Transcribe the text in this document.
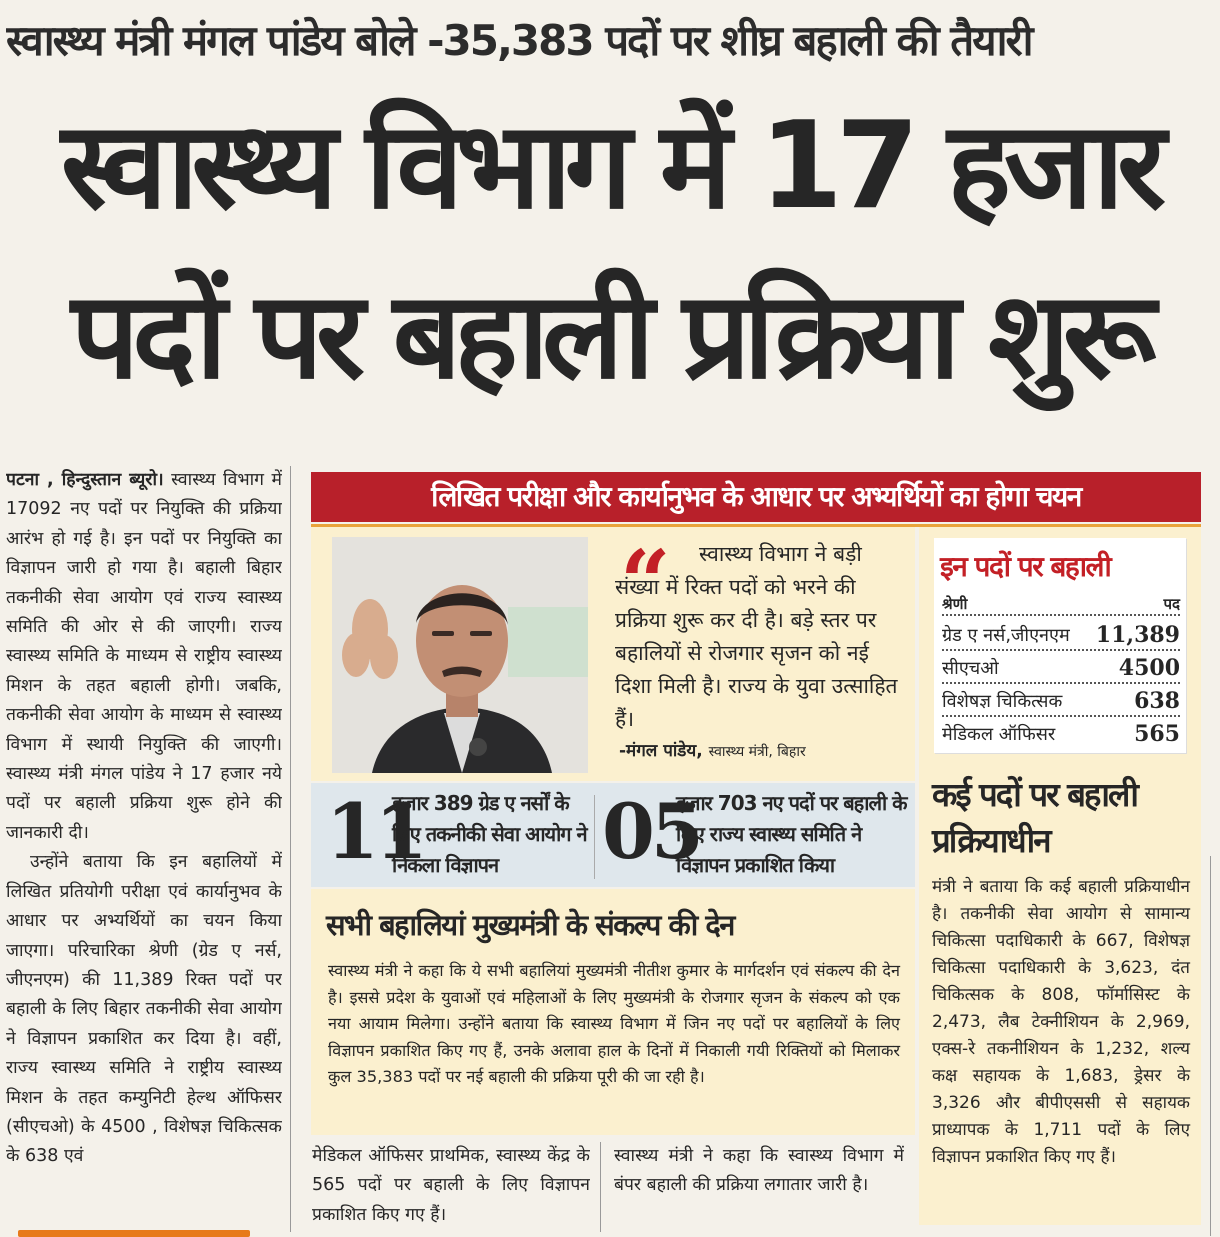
स्वास्थ्य मंत्री मंगल पांडेय बोले -35,383 पदों पर शीघ्र बहाली की तैयारी
स्वास्थ्य विभाग में 17 हजार
पदों पर बहाली प्रक्रिया शुरू

पटना , हिन्दुस्तान ब्यूरो। स्वास्थ्य विभाग में 17092 नए पदों पर नियुक्ति की प्रक्रिया आरंभ हो गई है। इन पदों पर नियुक्ति का विज्ञापन जारी हो गया है। बहाली बिहार तकनीकी सेवा आयोग एवं राज्य स्वास्थ्य समिति की ओर से की जाएगी। राज्य स्वास्थ्य समिति के माध्यम से राष्ट्रीय स्वास्थ्य मिशन के तहत बहाली होगी। जबकि, तकनीकी सेवा आयोग के माध्यम से स्वास्थ्य विभाग में स्थायी नियुक्ति की जाएगी। स्वास्थ्य मंत्री मंगल पांडेय ने 17 हजार नये पदों पर बहाली प्रक्रिया शुरू होने की जानकारी दी।

उन्होंने बताया कि इन बहालियों में लिखित प्रतियोगी परीक्षा एवं कार्यानुभव के आधार पर अभ्यर्थियों का चयन किया जाएगा। परिचारिका श्रेणी (ग्रेड ए नर्स, जीएनएम) की 11,389 रिक्त पदों पर बहाली के लिए बिहार तकनीकी सेवा आयोग ने विज्ञापन प्रकाशित कर दिया है। वहीं, राज्य स्वास्थ्य समिति ने राष्ट्रीय स्वास्थ्य मिशन के तहत कम्युनिटी हेल्थ ऑफिसर (सीएचओ) के 4500 , विशेषज्ञ चिकित्सक के 638 एवं

लिखित परीक्षा और कार्यानुभव के आधार पर अभ्यर्थियों का होगा चयन
“	स्वास्थ्य विभाग ने बड़ी संख्या में रिक्त पदों को भरने की प्रक्रिया शुरू कर दी है। बड़े स्तर पर बहालियों से रोजगार सृजन को नई दिशा मिली है। राज्य के युवा उत्साहित हैं।
-मंगल पांडेय, स्वास्थ्य मंत्री, बिहार
11
हजार 389 ग्रेड ए नर्सों के लिए तकनीकी सेवा आयोग ने निकला विज्ञापन	05
हजार 703 नए पदों पर बहाली के लिए राज्य स्वास्थ्य समिति ने विज्ञापन प्रकाशित किया
सभी बहालियां मुख्यमंत्री के संकल्प की देन
स्वास्थ्य मंत्री ने कहा कि ये सभी बहालियां मुख्यमंत्री नीतीश कुमार के मार्गदर्शन एवं संकल्प की देन है। इससे प्रदेश के युवाओं एवं महिलाओं के लिए मुख्यमंत्री के रोजगार सृजन के संकल्प को एक नया आयाम मिलेगा। उन्होंने बताया कि स्वास्थ्य विभाग में जिन नए पदों पर बहालियों के लिए विज्ञापन प्रकाशित किए गए हैं, उनके अलावा हाल के दिनों में निकाली गयी रिक्तियों को मिलाकर कुल 35,383 पदों पर नई बहाली की प्रक्रिया पूरी की जा रही है।
मेडिकल ऑफिसर प्राथमिक, स्वास्थ्य केंद्र के 565 पदों पर बहाली के लिए विज्ञापन प्रकाशित किए गए हैं।
स्वास्थ्य मंत्री ने कहा कि स्वास्थ्य विभाग में बंपर बहाली की प्रक्रिया लगातार जारी है।
इन पदों पर बहाली
श्रेणी	पद
ग्रेड ए नर्स,जीएनएम 11,389
सीएचओ	4500
विशेषज्ञ चिकित्सक	638
मेडिकल ऑफिसर	565
कई पदों पर बहाली प्रक्रियाधीन
मंत्री ने बताया कि कई बहाली प्रक्रियाधीन है। तकनीकी सेवा आयोग से सामान्य चिकित्सा पदाधिकारी के 667, विशेषज्ञ चिकित्सा पदाधिकारी के 3,623, दंत चिकित्सक के 808, फॉर्मासिस्ट के 2,473, लैब टेक्नीशियन के 2,969, एक्स-रे तकनीशियन के 1,232, शल्य कक्ष सहायक के 1,683, ड्रेसर के 3,326 और बीपीएससी से सहायक प्राध्यापक के 1,711 पदों के लिए विज्ञापन प्रकाशित किए गए हैं।
